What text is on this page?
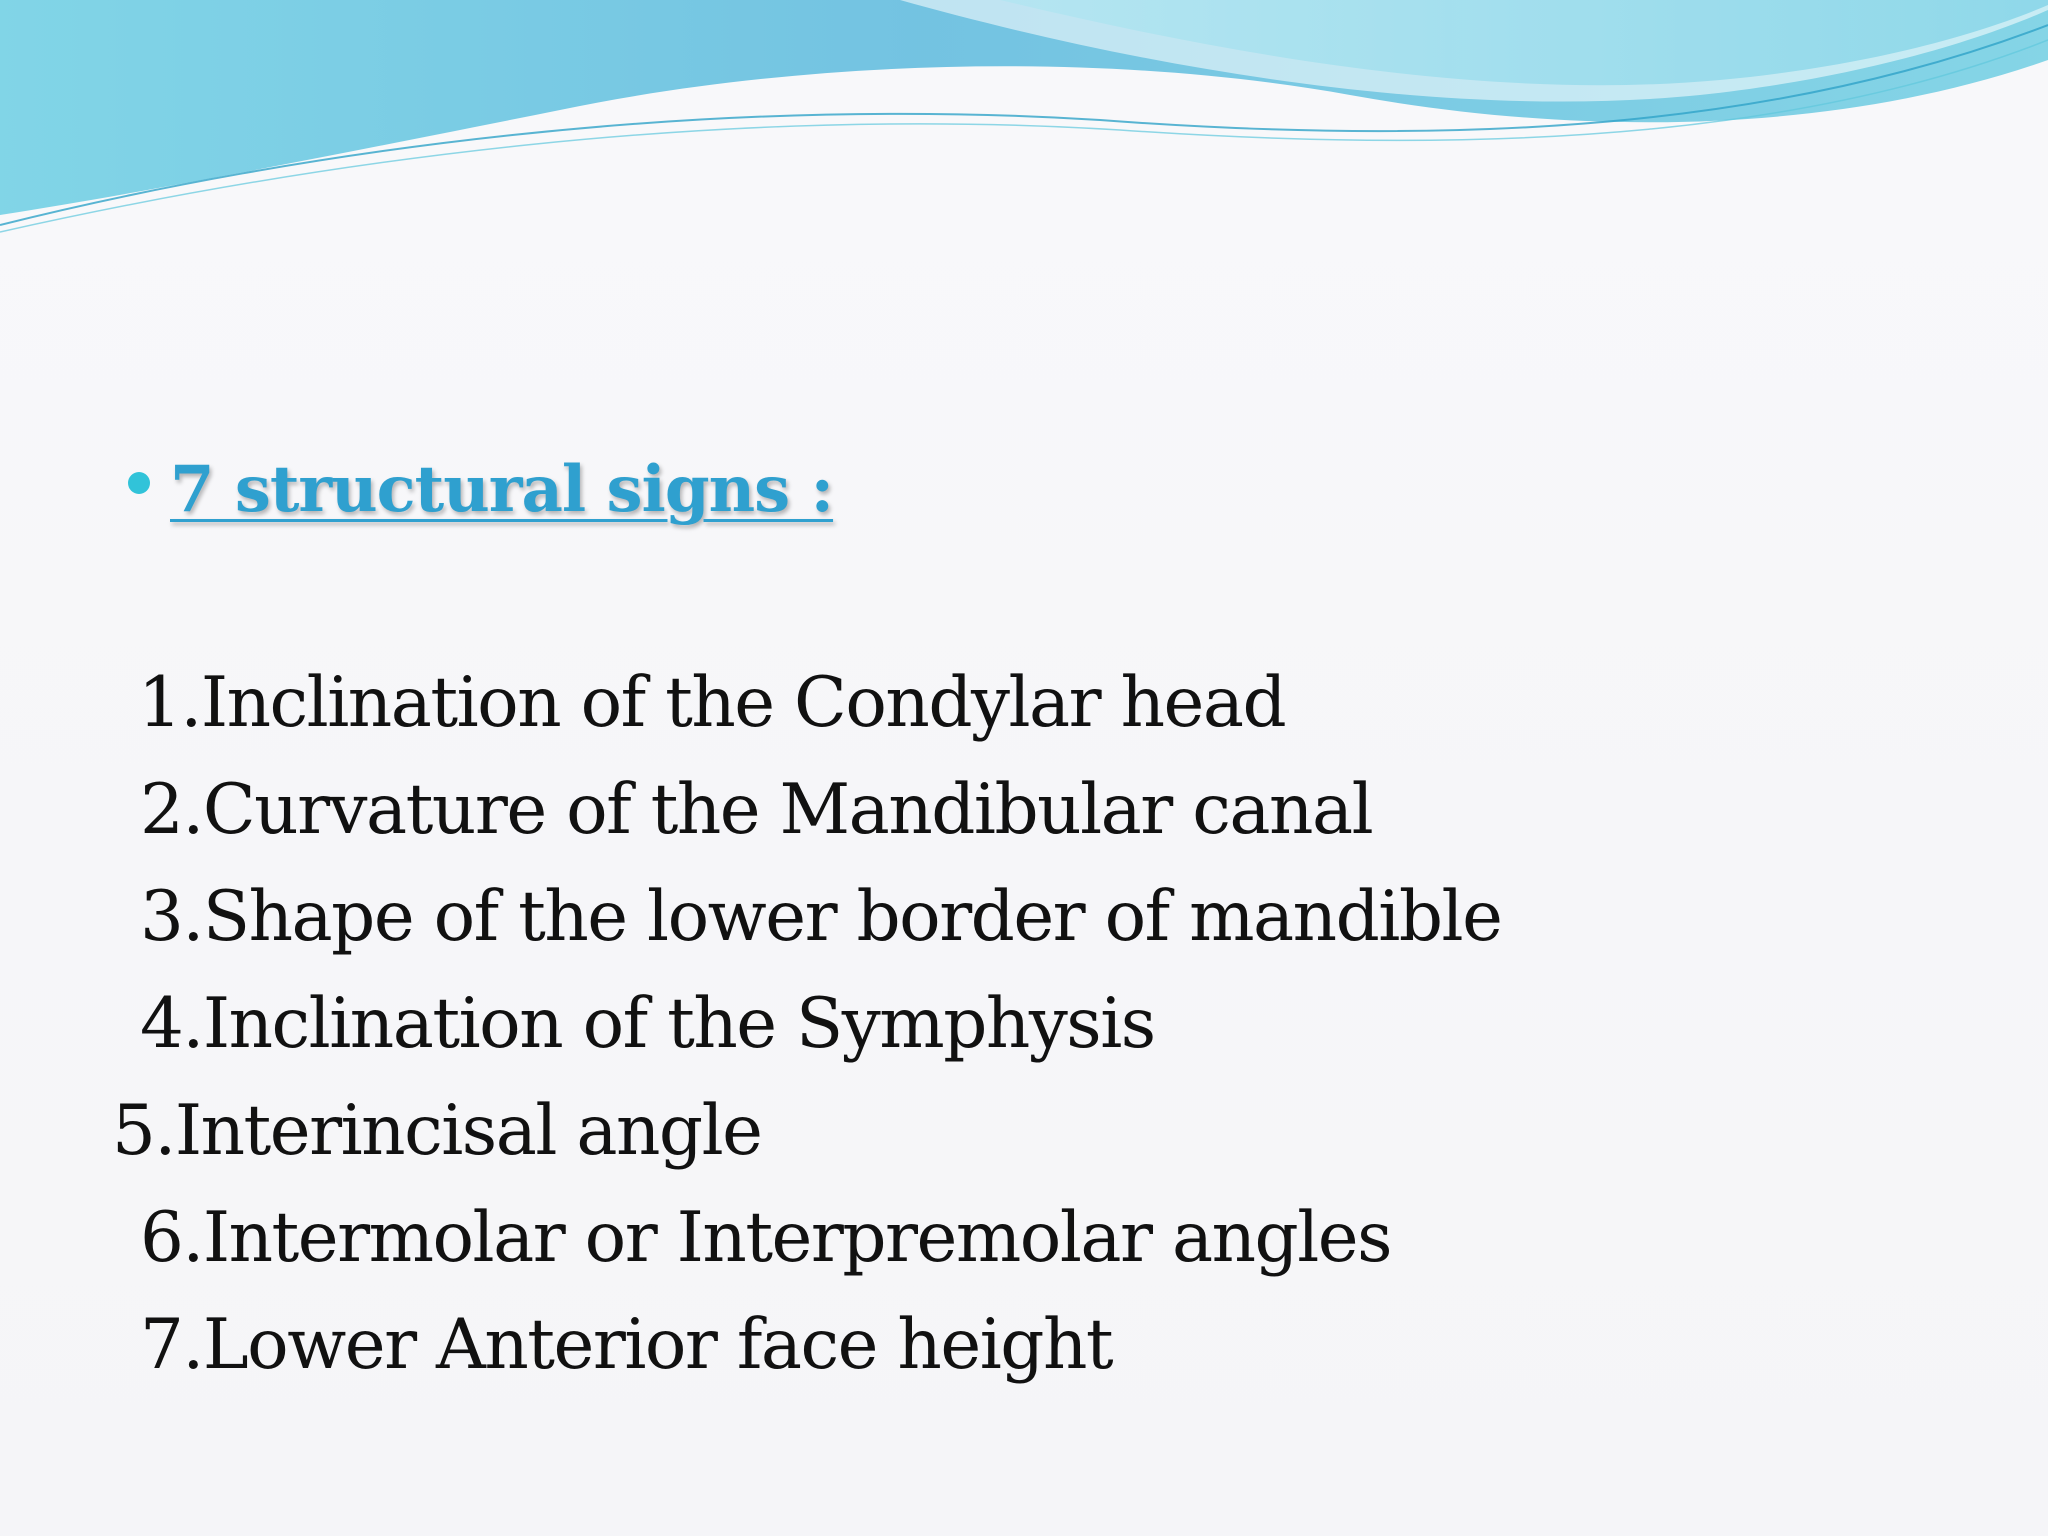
7 structural signs :
1.Inclination of the Condylar head
2.Curvature of the Mandibular canal
3.Shape of the lower border of mandible
4.Inclination of the Symphysis
5.Interincisal angle
6.Intermolar or Interpremolar angles
7.Lower Anterior face height
